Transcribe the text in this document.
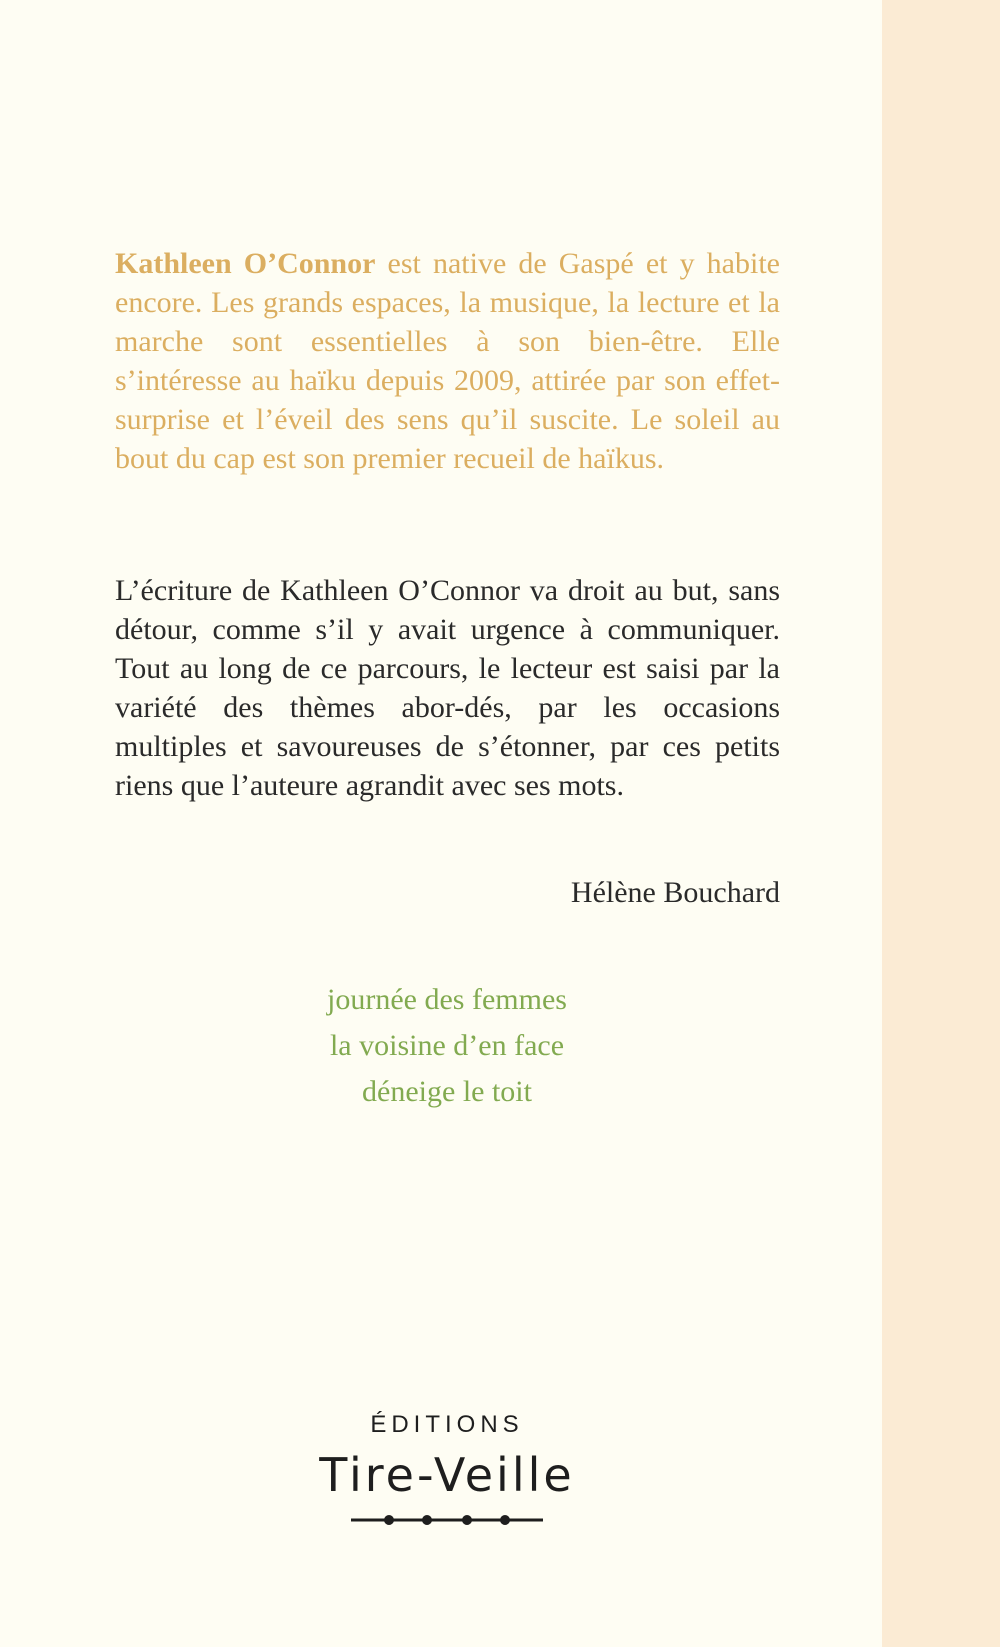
Kathleen O’Connor est native de Gaspé et y habite encore. Les grands espaces, la musique, la lecture et la marche sont essentielles à son bien-être. Elle s’intéresse au haïku depuis 2009, attirée par son effet-surprise et l’éveil des sens qu’il suscite. Le soleil au bout du cap est son premier recueil de haïkus.

L’écriture de Kathleen O’Connor va droit au but, sans détour, comme s’il y avait urgence à communiquer. Tout au long de ce parcours, le lecteur est saisi par la variété des thèmes abor-dés, par les occasions multiples et savoureuses de s’étonner, par ces petits riens que l’auteure agrandit avec ses mots.

Hélène Bouchard

journée des femmes
la voisine d’en face
déneige le toit

ÉDITIONS
Tire-Veille
